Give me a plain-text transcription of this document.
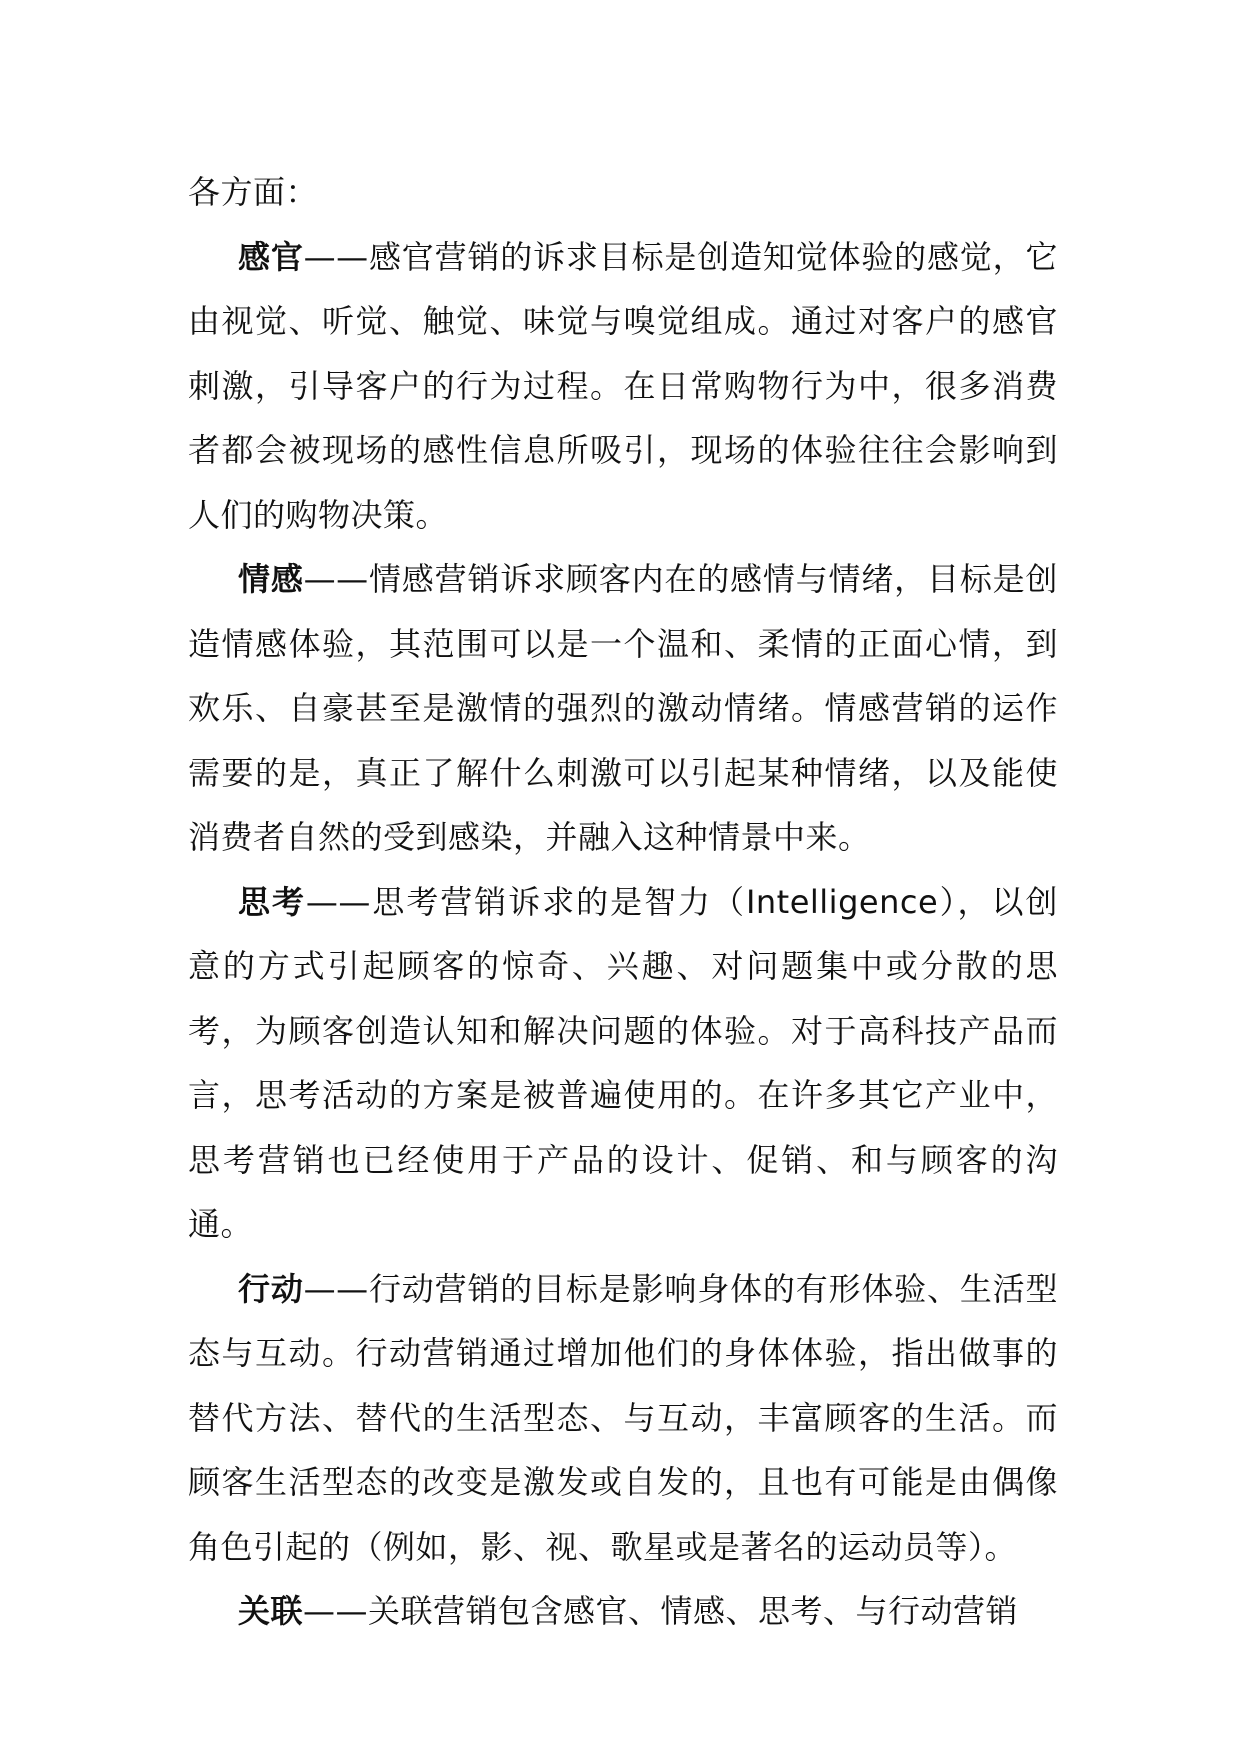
各方面：

感官——感官营销的诉求目标是创造知觉体验的感觉，它由视觉、听觉、触觉、味觉与嗅觉组成。通过对客户的感官刺激，引导客户的行为过程。在日常购物行为中，很多消费者都会被现场的感性信息所吸引，现场的体验往往会影响到人们的购物决策。

情感——情感营销诉求顾客内在的感情与情绪，目标是创造情感体验，其范围可以是一个温和、柔情的正面心情，到欢乐、自豪甚至是激情的强烈的激动情绪。情感营销的运作需要的是，真正了解什么刺激可以引起某种情绪，以及能使消费者自然的受到感染，并融入这种情景中来。

思考——思考营销诉求的是智力（Intelligence），以创意的方式引起顾客的惊奇、兴趣、对问题集中或分散的思考，为顾客创造认知和解决问题的体验。对于高科技产品而言，思考活动的方案是被普遍使用的。在许多其它产业中，思考营销也已经使用于产品的设计、促销、和与顾客的沟通。

行动——行动营销的目标是影响身体的有形体验、生活型态与互动。行动营销通过增加他们的身体体验，指出做事的替代方法、替代的生活型态、与互动，丰富顾客的生活。而顾客生活型态的改变是激发或自发的，且也有可能是由偶像角色引起的（例如，影、视、歌星或是著名的运动员等）。

关联——关联营销包含感官、情感、思考、与行动营销
